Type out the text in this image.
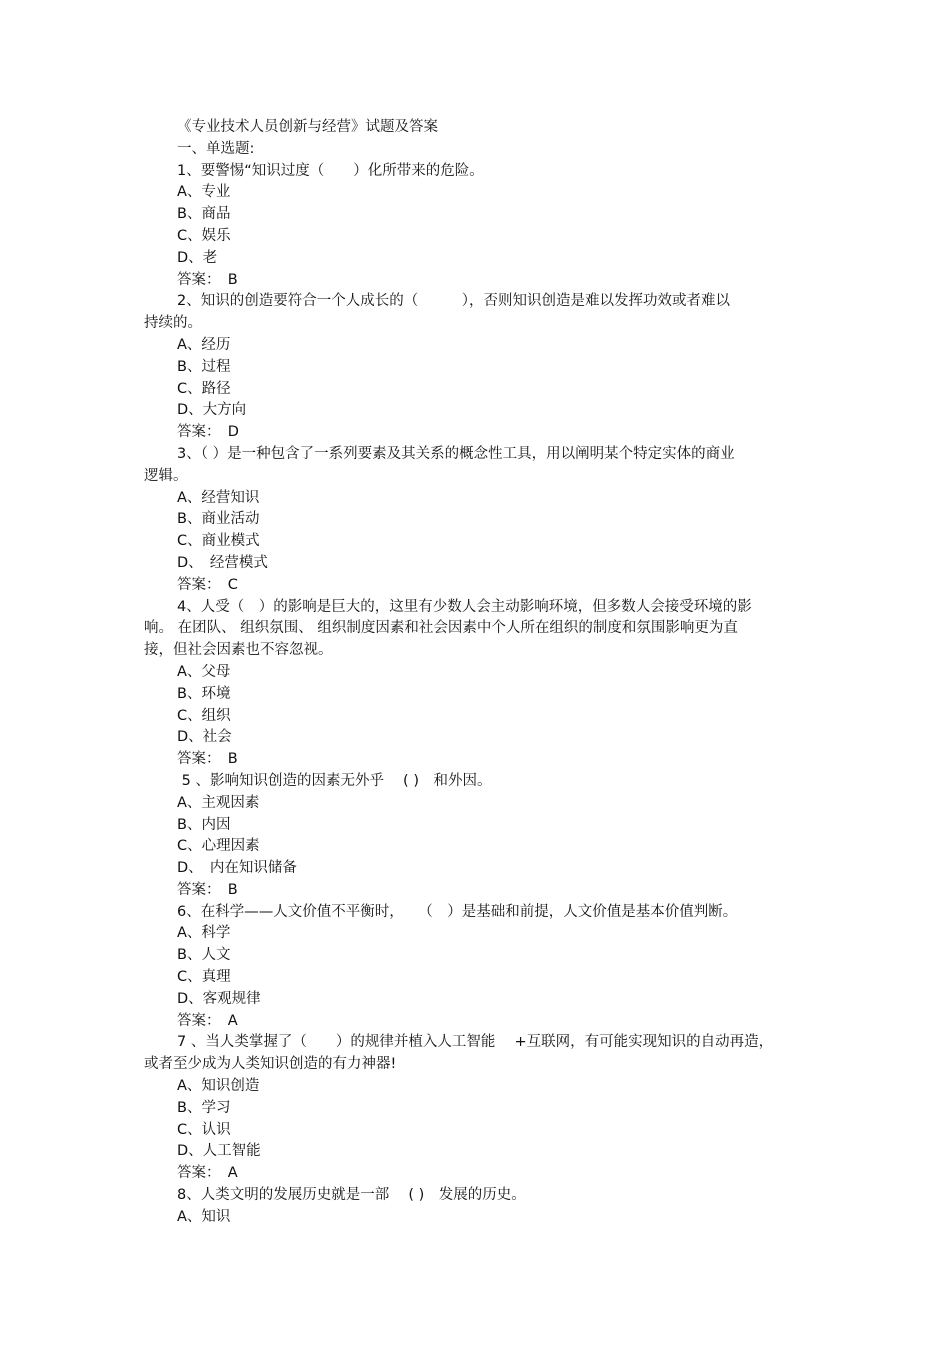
《专业技术人员创新与经营》试题及答案
一、单选题:
1、要警惕“知识过度（　　）化所带来的危险。
A、专业
B、商品
C、娱乐
D、老
答案：　B
2、知识的创造要符合一个人成长的（　　　），否则知识创造是难以发挥功效或者难以持续的。
A、经历
B、过程
C、路径
D、大方向
答案：　D
3、（ ）是一种包含了一系列要素及其关系的概念性工具，用以阐明某个特定实体的商业逻辑。
A、经营知识
B、商业活动
C、商业模式
D、　经营模式
答案：　C
4、人受（　）的影响是巨大的，这里有少数人会主动影响环境，但多数人会接受环境的影响。 在团队、 组织氛围、 组织制度因素和社会因素中个人所在组织的制度和氛围影响更为直接，但社会因素也不容忽视。
A、父母
B、环境
C、组织
D、社会
答案：　B
5 、影响知识创造的因素无外乎　 ( )　和外因。
A、主观因素
B、内因
C、心理因素
D、　内在知识储备
答案：　B
6、在科学——人文价值不平衡时，　　（　）是基础和前提，人文价值是基本价值判断。
A、科学
B、人文
C、真理
D、客观规律
答案：　A
7 、当人类掌握了（　　）的规律并植入人工智能　 +互联网，有可能实现知识的自动再造，或者至少成为人类知识创造的有力神器!
A、知识创造
B、学习
C、认识
D、人工智能
答案：　A
8、人类文明的发展历史就是一部　 ( )　发展的历史。
A、知识
